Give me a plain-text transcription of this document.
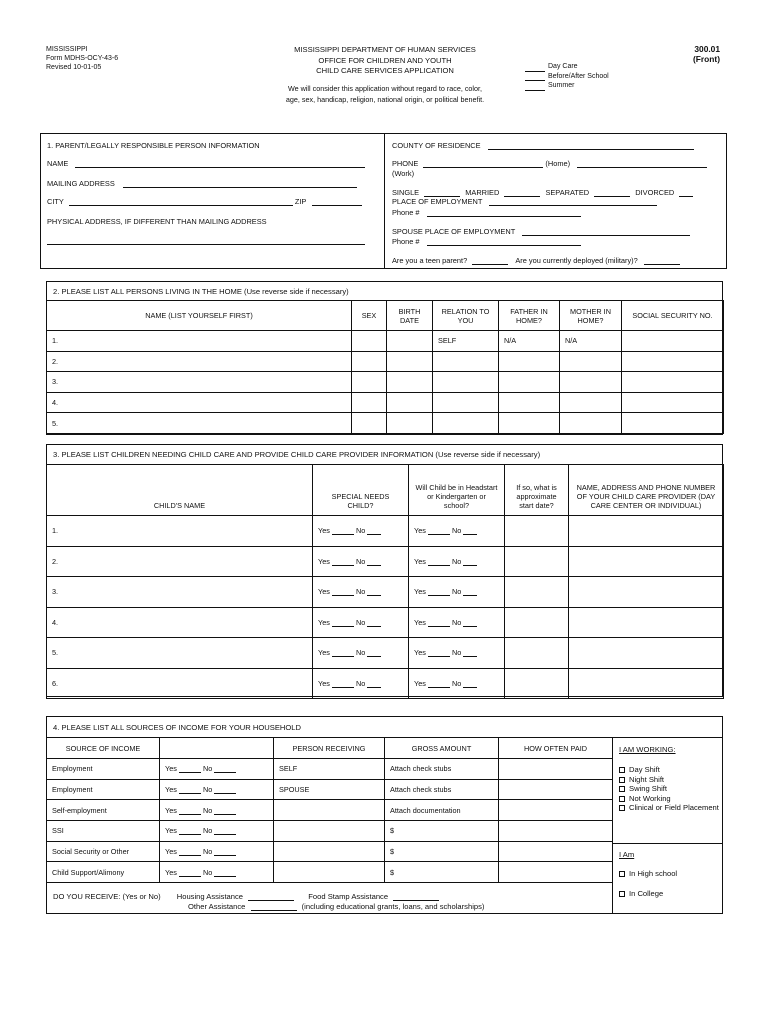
MISSISSIPPI
Form MDHS-OCY-43-6
Revised 10-01-05
MISSISSIPPI DEPARTMENT OF HUMAN SERVICES
OFFICE FOR CHILDREN AND YOUTH
CHILD CARE SERVICES APPLICATION
We will consider this application without regard to race, color,
age, sex, handicap, religion, national origin, or political benefit.
300.01
(Front)
Day Care
Before/After School
Summer
1. PARENT/LEGALLY RESPONSIBLE PERSON INFORMATION
NAME
MAILING ADDRESS
CITY	ZIP
PHYSICAL ADDRESS, IF DIFFERENT THAN MAILING ADDRESS
COUNTY OF RESIDENCE
PHONE	(Home)
(Work)
SINGLE	MARRIED	SEPARATED	DIVORCED
PLACE OF EMPLOYMENT
Phone #
SPOUSE PLACE OF EMPLOYMENT
Phone #
Are you a teen parent?	Are you currently deployed (military)?
2. PLEASE LIST ALL PERSONS LIVING IN THE HOME (Use reverse side if necessary)
NAME (LIST YOURSELF FIRST)	SEX	BIRTH DATE	RELATION TO YOU	FATHER IN HOME?	MOTHER IN HOME?	SOCIAL SECURITY NO.
1.			SELF	N/A	N/A	
2.						
3.						
4.						
5.						
3. PLEASE LIST CHILDREN NEEDING CHILD CARE AND PROVIDE CHILD CARE PROVIDER INFORMATION (Use reverse side if necessary)
CHILD'S NAME	SPECIAL NEEDS CHILD?	Will Child be in Headstart or Kindergarten or school?	If so, what is approximate start date?	NAME, ADDRESS AND PHONE NUMBER OF YOUR CHILD CARE PROVIDER (DAY CARE CENTER OR INDIVIDUAL)
1.	Yes No	Yes No		
2.	Yes No	Yes No		
3.	Yes No	Yes No		
4.	Yes No	Yes No		
5.	Yes No	Yes No		
6.	Yes No	Yes No		
4. PLEASE LIST ALL SOURCES OF INCOME FOR YOUR HOUSEHOLD
SOURCE OF INCOME		PERSON RECEIVING	GROSS AMOUNT	HOW OFTEN PAID
Employment	Yes No	SELF	Attach check stubs	
Employment	Yes No	SPOUSE	Attach check stubs	
Self-employment	Yes No		Attach documentation	
SSI	Yes No		$	
Social Security or Other	Yes No		$	
Child Support/Alimony	Yes No		$	
I AM WORKING:
Day Shift
Night Shift
Swing Shift
Not Working
Clinical or Field Placement
I Am
In High school
In College
DO YOU RECEIVE: (Yes or No) Housing Assistance	Food Stamp Assistance
Other Assistance	(including educational grants, loans, and scholarships)
